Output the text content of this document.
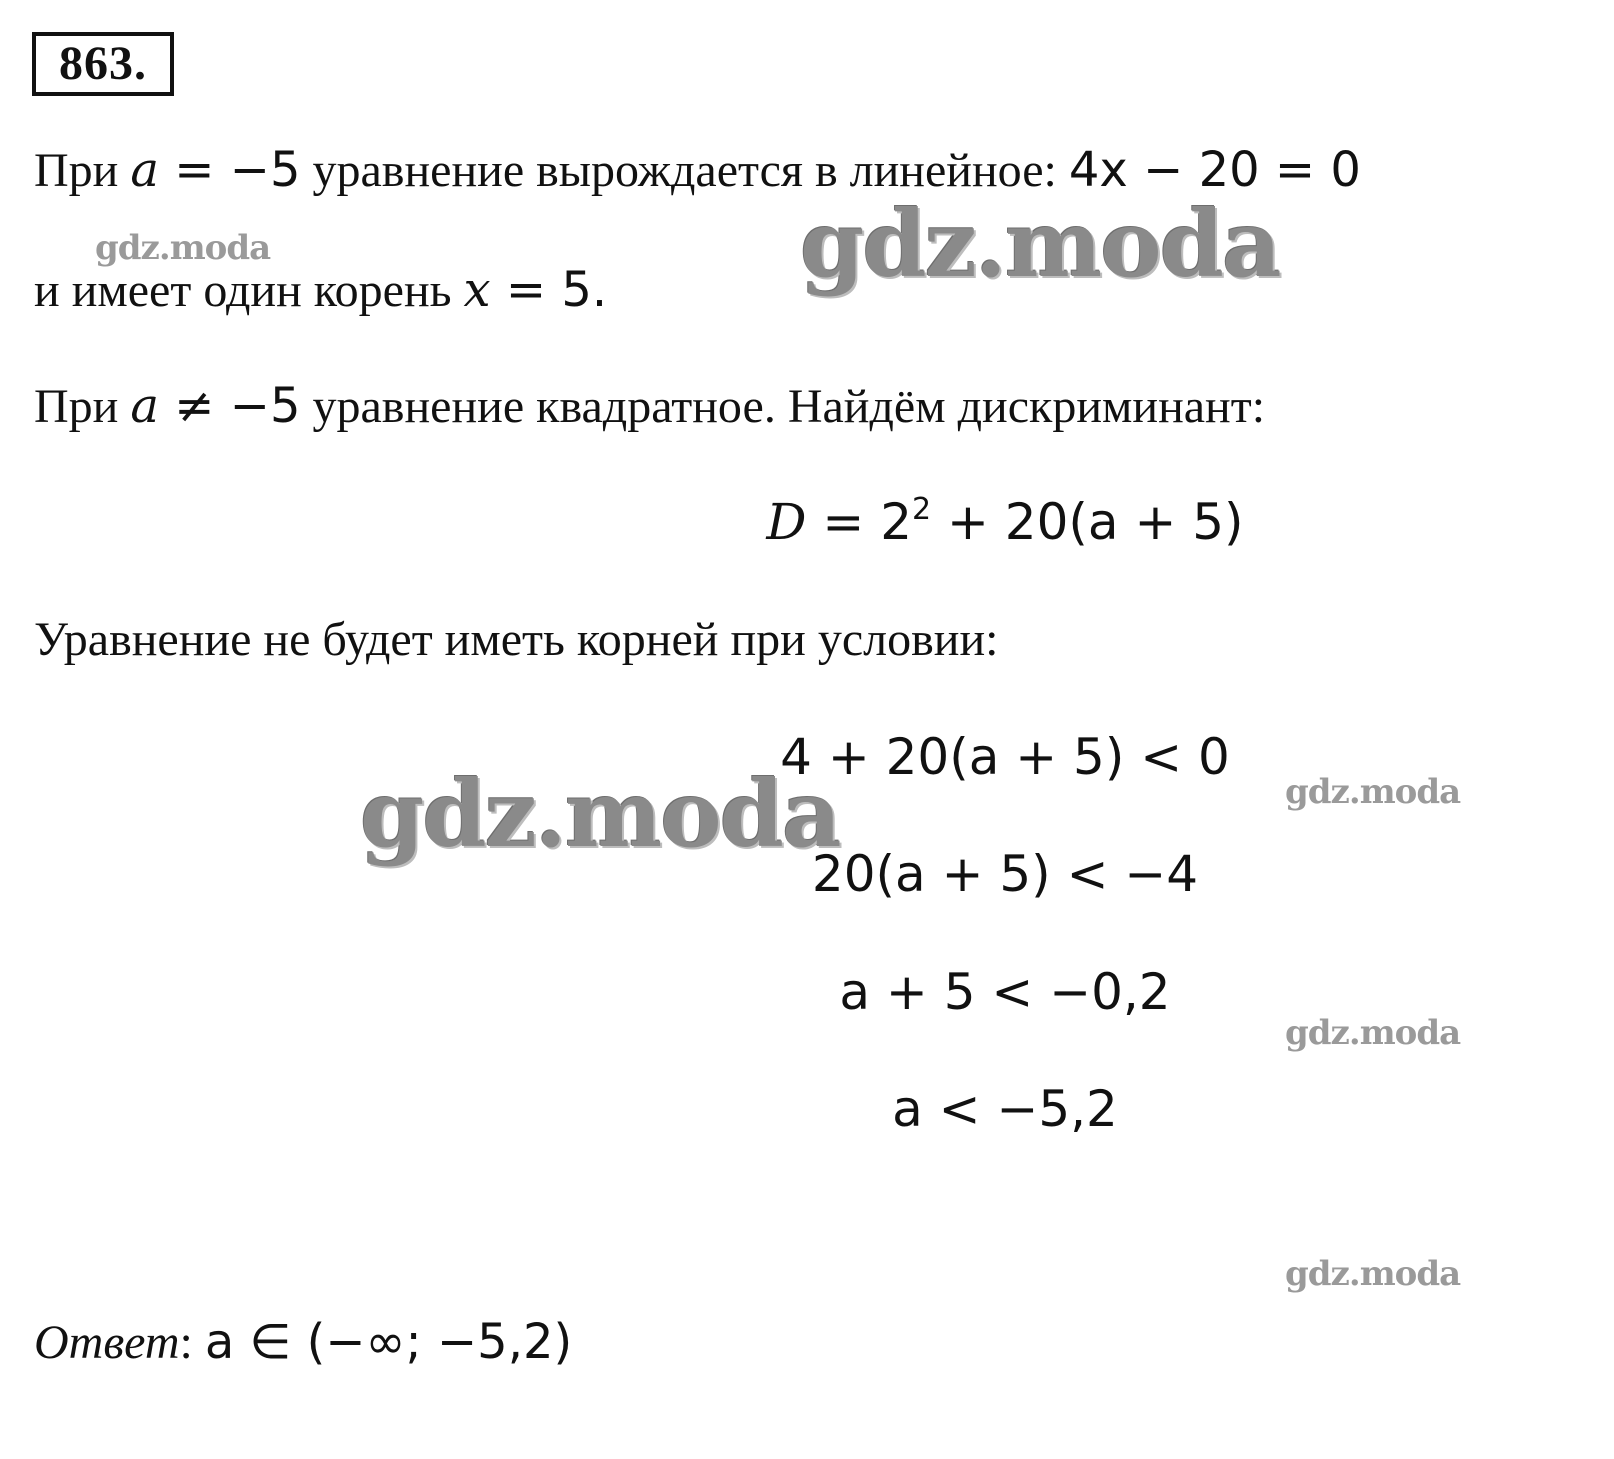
863.
При a = −5 уравнение вырождается в линейное: 4x − 20 = 0
и имеет один корень x = 5.
При a ≠ −5 уравнение квадратное. Найдём дискриминант:
$D = 2^2 + 20(a + 5)$
Уравнение не будет иметь корней при условии:
4 + 20(a + 5) < 0
20(a + 5) < −4
a + 5 < −0,2
a < −5,2
Ответ: a ∈ (−∞; −5,2)
gdz.moda	gdz.moda
gdz.moda	gdz.moda
gdz.moda
gdz.moda
